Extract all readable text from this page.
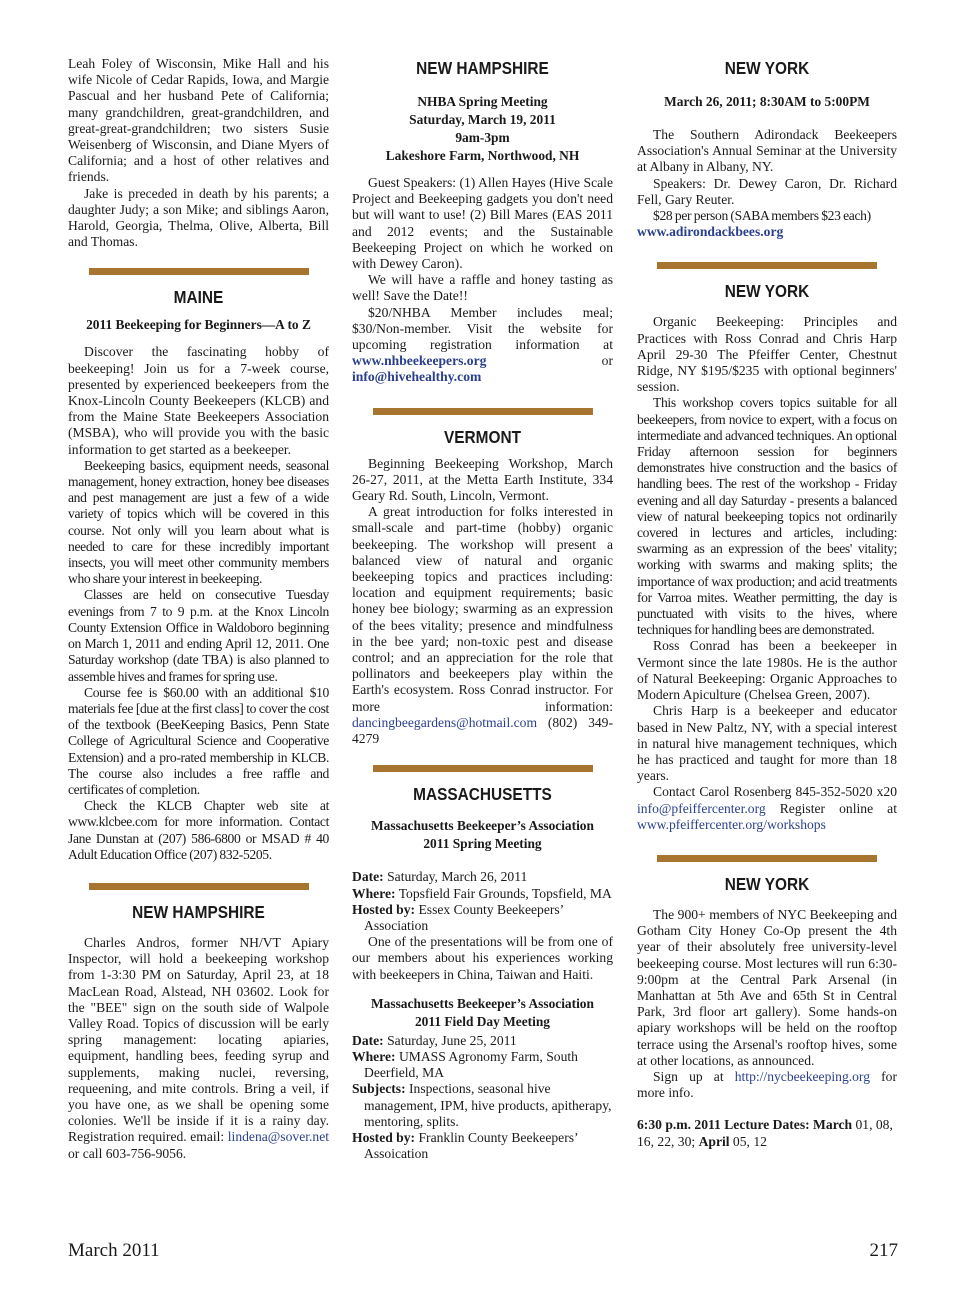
Leah Foley of Wisconsin, Mike Hall and his wife Nicole of Cedar Rapids, Iowa, and Margie Pascual and her husband Pete of California; many grandchildren, great-grandchildren, and great-great-grandchildren; two sisters Susie Weisenberg of Wisconsin, and Diane Myers of California; and a host of other relatives and friends.

Jake is preceded in death by his parents; a daughter Judy; a son Mike; and siblings Aaron, Harold, Georgia, Thelma, Olive, Alberta, Bill and Thomas.

MAINE
2011 Beekeeping for Beginners—A to Z

Discover the fascinating hobby of beekeeping! Join us for a 7-week course, presented by experienced beekeepers from the Knox-Lincoln County Beekeepers (KLCB) and from the Maine State Beekeepers Association (MSBA), who will provide you with the basic information to get started as a beekeeper.

Beekeeping basics, equipment needs, seasonal management, honey extraction, honey bee diseases and pest management are just a few of a wide variety of topics which will be covered in this course. Not only will you learn about what is needed to care for these incredibly important insects, you will meet other community members who share your interest in beekeeping.

Classes are held on consecutive Tuesday evenings from 7 to 9 p.m. at the Knox Lincoln County Extension Office in Waldoboro beginning on March 1, 2011 and ending April 12, 2011. One Saturday workshop (date TBA) is also planned to assemble hives and frames for spring use.

Course fee is $60.00 with an additional $10 materials fee [due at the first class] to cover the cost of the textbook (BeeKeeping Basics, Penn State College of Agricultural Science and Cooperative Extension) and a pro-rated membership in KLCB. The course also includes a free raffle and certificates of completion.

Check the KLCB Chapter web site at www.klcbee.com for more information. Contact Jane Dunstan at (207) 586-6800 or MSAD # 40 Adult Education Office (207) 832-5205.

NEW HAMPSHIRE

Charles Andros, former NH/VT Apiary Inspector, will hold a beekeeping workshop from 1-3:30 PM on Saturday, April 23, at 18 MacLean Road, Alstead, NH 03602. Look for the "BEE" sign on the south side of Walpole Valley Road. Topics of discussion will be early spring management: locating apiaries, equipment, handling bees, feeding syrup and supplements, making nuclei, reversing, requeening, and mite controls. Bring a veil, if you have one, as we shall be opening some colonies. We'll be inside if it is a rainy day. Registration required. email: lindena@sover.net or call 603-756-9056.

NEW HAMPSHIRE
NHBA Spring Meeting
Saturday, March 19, 2011
9am-3pm
Lakeshore Farm, Northwood, NH

Guest Speakers: (1) Allen Hayes (Hive Scale Project and Beekeeping gadgets you don't need but will want to use! (2) Bill Mares (EAS 2011 and 2012 events; and the Sustainable Beekeeping Project on which he worked on with Dewey Caron).

We will have a raffle and honey tasting as well! Save the Date!!

$20/NHBA Member includes meal; $30/Non-member. Visit the website for upcoming registration information at www.nhbeekeepers.org or info@hivehealthy.com

VERMONT

Beginning Beekeeping Workshop, March 26-27, 2011, at the Metta Earth Institute, 334 Geary Rd. South, Lincoln, Vermont.

A great introduction for folks interested in small-scale and part-time (hobby) organic beekeeping. The workshop will present a balanced view of natural and organic beekeeping topics and practices including: location and equipment requirements; basic honey bee biology; swarming as an expression of the bees vitality; presence and mindfulness in the bee yard; non-toxic pest and disease control; and an appreciation for the role that pollinators and beekeepers play within the Earth's ecosystem. Ross Conrad instructor. For more information: dancingbeegardens@hotmail.com (802) 349-4279

MASSACHUSETTS
Massachusetts Beekeeper’s Association
2011 Spring Meeting
Date: Saturday, March 26, 2011
Where: Topsfield Fair Grounds, Topsfield, MA
Hosted by: Essex County Beekeepers’ Association

One of the presentations will be from one of our members about his experiences working with beekeepers in China, Taiwan and Haiti.

Massachusetts Beekeeper’s Association
2011 Field Day Meeting
Date: Saturday, June 25, 2011
Where: UMASS Agronomy Farm, South Deerfield, MA
Subjects: Inspections, seasonal hive management, IPM, hive products, apitherapy, mentoring, splits.
Hosted by: Franklin County Beekeepers’ Assoication
NEW YORK
March 26, 2011; 8:30AM to 5:00PM

The Southern Adirondack Beekeepers Association's Annual Seminar at the University at Albany in Albany, NY.

Speakers: Dr. Dewey Caron, Dr. Richard Fell, Gary Reuter.

$28 per person (SABA members $23 each)

www.adirondackbees.org

NEW YORK

Organic Beekeeping: Principles and Practices with Ross Conrad and Chris Harp April 29-30 The Pfeiffer Center, Chestnut Ridge, NY $195/$235 with optional beginners' session.

This workshop covers topics suitable for all beekeepers, from novice to expert, with a focus on intermediate and advanced techniques. An optional Friday afternoon session for beginners demonstrates hive construction and the basics of handling bees. The rest of the workshop - Friday evening and all day Saturday - presents a balanced view of natural beekeeping topics not ordinarily covered in lectures and articles, including: swarming as an expression of the bees' vitality; working with swarms and making splits; the importance of wax production; and acid treatments for Varroa mites. Weather permitting, the day is punctuated with visits to the hives, where techniques for handling bees are demonstrated.

Ross Conrad has been a beekeeper in Vermont since the late 1980s. He is the author of Natural Beekeeping: Organic Approaches to Modern Apiculture (Chelsea Green, 2007).

Chris Harp is a beekeeper and educator based in New Paltz, NY, with a special interest in natural hive management techniques, which he has practiced and taught for more than 18 years.

Contact Carol Rosenberg 845-352-5020 x20 info@pfeiffercenter.org Register online at www.pfeiffercenter.org/workshops

NEW YORK

The 900+ members of NYC Beekeeping and Gotham City Honey Co-Op present the 4th year of their absolutely free university-level beekeeping course. Most lectures will run 6:30-9:00pm at the Central Park Arsenal (in Manhattan at 5th Ave and 65th St in Central Park, 3rd floor art gallery). Some hands-on apiary workshops will be held on the rooftop terrace using the Arsenal's rooftop hives, some at other locations, as announced.

Sign up at http://nycbeekeeping.org for more info.

6:30 p.m. 2011 Lecture Dates: March 01, 08, 16, 22, 30; April 05, 12

March 2011	217
